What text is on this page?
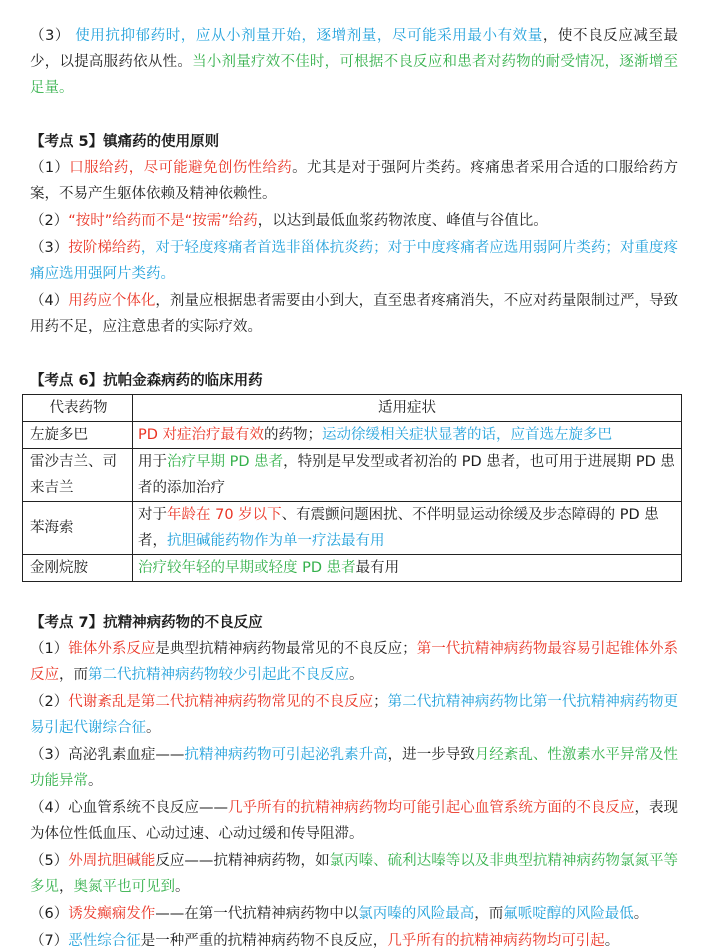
（3） 使用抗抑郁药时，应从小剂量开始，逐增剂量，尽可能采用最小有效量，使不良反应减至最少，以提高服药依从性。当小剂量疗效不佳时，可根据不良反应和患者对药物的耐受情况，逐渐增至足量。

【考点 5】镇痛药的使用原则

（1）口服给药，尽可能避免创伤性给药。尤其是对于强阿片类药。疼痛患者采用合适的口服给药方案，不易产生躯体依赖及精神依赖性。

（2）“按时”给药而不是“按需”给药，以达到最低血浆药物浓度、峰值与谷值比。

（3）按阶梯给药，对于轻度疼痛者首选非甾体抗炎药；对于中度疼痛者应选用弱阿片类药；对重度疼痛应选用强阿片类药。

（4）用药应个体化，剂量应根据患者需要由小到大，直至患者疼痛消失，不应对药量限制过严，导致用药不足，应注意患者的实际疗效。

【考点 6】抗帕金森病药的临床用药
代表药物	适用症状
左旋多巴	PD 对症治疗最有效的药物；运动徐缓相关症状显著的话，应首选左旋多巴
雷沙吉兰、司来吉兰	用于治疗早期 PD 患者，特别是早发型或者初治的 PD 患者，也可用于进展期 PD 患者的添加治疗
苯海索	对于年龄在 70 岁以下、有震颤问题困扰、不伴明显运动徐缓及步态障碍的 PD 患者，抗胆碱能药物作为单一疗法最有用
金刚烷胺	治疗较年轻的早期或轻度 PD 患者最有用
【考点 7】抗精神病药物的不良反应

（1）锥体外系反应是典型抗精神病药物最常见的不良反应；第一代抗精神病药物最容易引起锥体外系反应，而第二代抗精神病药物较少引起此不良反应。

（2）代谢紊乱是第二代抗精神病药物常见的不良反应；第二代抗精神病药物比第一代抗精神病药物更易引起代谢综合征。

（3）高泌乳素血症——抗精神病药物可引起泌乳素升高，进一步导致月经紊乱、性激素水平异常及性功能异常。

（4）心血管系统不良反应——几乎所有的抗精神病药物均可能引起心血管系统方面的不良反应，表现为体位性低血压、心动过速、心动过缓和传导阻滞。

（5）外周抗胆碱能反应——抗精神病药物，如氯丙嗪、硫利达嗪等以及非典型抗精神病药物氯氮平等多见，奥氮平也可见到。

（6）诱发癫痫发作——在第一代抗精神病药物中以氯丙嗪的风险最高，而氟哌啶醇的风险最低。

（7）恶性综合征是一种严重的抗精神病药物不良反应，几乎所有的抗精神病药物均可引起。
